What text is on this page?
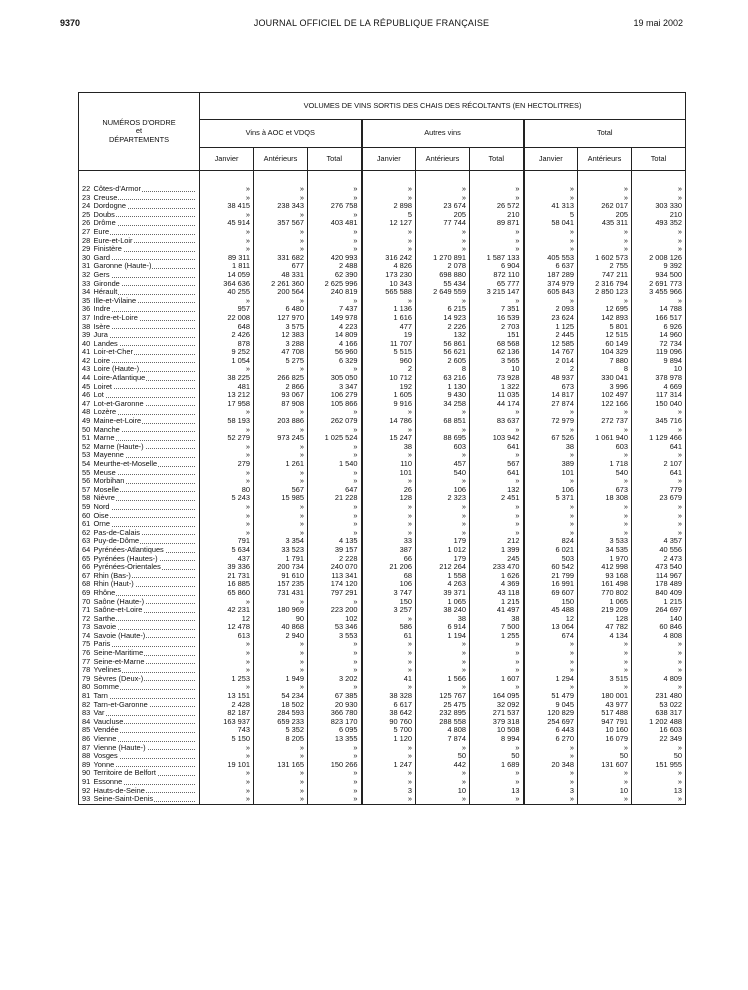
9370	JOURNAL OFFICIEL DE LA RÉPUBLIQUE FRANÇAISE	19 mai 2002
NUMÉROS D'ORDRE
et
DÉPARTEMENTS		VOLUMES DE VINS SORTIS DES CHAIS DES RÉCOLTANTS (EN HECTOLITRES)								
		Vins à AOC et VDQS			Autres vins			Total		
		Janvier	Antérieurs	Total	Janvier	Antérieurs	Total	Janvier	Antérieurs	Total
22	Côtes-d'Armor	»	»	»	»	»	»	»	»	»
23	Creuse	»	»	»	»	»	»	»	»	»
24	Dordogne	38 415	238 343	276 758	2 898	23 674	26 572	41 313	262 017	303 330
25	Doubs	»	»	»	5	205	210	5	205	210
26	Drôme	45 914	357 567	403 481	12 127	77 744	89 871	58 041	435 311	493 352
27	Eure	»	»	»	»	»	»	»	»	»
28	Eure-et-Loir	»	»	»	»	»	»	»	»	»
29	Finistère	»	»	»	»	»	»	»	»	»
30	Gard	89 311	331 682	420 993	316 242	1 270 891	1 587 133	405 553	1 602 573	2 008 126
31	Garonne (Haute-)	1 811	677	2 488	4 826	2 078	6 904	6 637	2 755	9 392
32	Gers	14 059	48 331	62 390	173 230	698 880	872 110	187 289	747 211	934 500
33	Gironde	364 636	2 261 360	2 625 996	10 343	55 434	65 777	374 979	2 316 794	2 691 773
34	Hérault	40 255	200 564	240 819	565 588	2 649 559	3 215 147	605 843	2 850 123	3 455 966
35	Ille-et-Vilaine	»	»	»	»	»	»	»	»	»
36	Indre	957	6 480	7 437	1 136	6 215	7 351	2 093	12 695	14 788
37	Indre-et-Loire	22 008	127 970	149 978	1 616	14 923	16 539	23 624	142 893	166 517
38	Isère	648	3 575	4 223	477	2 226	2 703	1 125	5 801	6 926
39	Jura	2 426	12 383	14 809	19	132	151	2 445	12 515	14 960
40	Landes	878	3 288	4 166	11 707	56 861	68 568	12 585	60 149	72 734
41	Loir-et-Cher	9 252	47 708	56 960	5 515	56 621	62 136	14 767	104 329	119 096
42	Loire	1 054	5 275	6 329	960	2 605	3 565	2 014	7 880	9 894
43	Loire (Haute-)	»	»	»	2	8	10	2	8	10
44	Loire-Atlantique	38 225	266 825	305 050	10 712	63 216	73 928	48 937	330 041	378 978
45	Loiret	481	2 866	3 347	192	1 130	1 322	673	3 996	4 669
46	Lot	13 212	93 067	106 279	1 605	9 430	11 035	14 817	102 497	117 314
47	Lot-et-Garonne	17 958	87 908	105 866	9 916	34 258	44 174	27 874	122 166	150 040
48	Lozère	»	»	»	»	»	»	»	»	»
49	Maine-et-Loire	58 193	203 886	262 079	14 786	68 851	83 637	72 979	272 737	345 716
50	Manche	»	»	»	»	»	»	»	»	»
51	Marne	52 279	973 245	1 025 524	15 247	88 695	103 942	67 526	1 061 940	1 129 466
52	Marne (Haute-)	»	»	»	38	603	641	38	603	641
53	Mayenne	»	»	»	»	»	»	»	»	»
54	Meurthe-et-Moselle	279	1 261	1 540	110	457	567	389	1 718	2 107
55	Meuse	»	»	»	101	540	641	101	540	641
56	Morbihan	»	»	»	»	»	»	»	»	»
57	Moselle	80	567	647	26	106	132	106	673	779
58	Nièvre	5 243	15 985	21 228	128	2 323	2 451	5 371	18 308	23 679
59	Nord	»	»	»	»	»	»	»	»	»
60	Oise	»	»	»	»	»	»	»	»	»
61	Orne	»	»	»	»	»	»	»	»	»
62	Pas-de-Calais	»	»	»	»	»	»	»	»	»
63	Puy-de-Dôme	791	3 354	4 135	33	179	212	824	3 533	4 357
64	Pyrénées-Atlantiques	5 634	33 523	39 157	387	1 012	1 399	6 021	34 535	40 556
65	Pyrénées (Hautes-)	437	1 791	2 228	66	179	245	503	1 970	2 473
66	Pyrénées-Orientales	39 336	200 734	240 070	21 206	212 264	233 470	60 542	412 998	473 540
67	Rhin (Bas-)	21 731	91 610	113 341	68	1 558	1 626	21 799	93 168	114 967
68	Rhin (Haut-)	16 885	157 235	174 120	106	4 263	4 369	16 991	161 498	178 489
69	Rhône	65 860	731 431	797 291	3 747	39 371	43 118	69 607	770 802	840 409
70	Saône (Haute-)	»	»	»	150	1 065	1 215	150	1 065	1 215
71	Saône-et-Loire	42 231	180 969	223 200	3 257	38 240	41 497	45 488	219 209	264 697
72	Sarthe	12	90	102	»	38	38	12	128	140
73	Savoie	12 478	40 868	53 346	586	6 914	7 500	13 064	47 782	60 846
74	Savoie (Haute-)	613	2 940	3 553	61	1 194	1 255	674	4 134	4 808
75	Paris	»	»	»	»	»	»	»	»	»
76	Seine-Maritime	»	»	»	»	»	»	»	»	»
77	Seine-et-Marne	»	»	»	»	»	»	»	»	»
78	Yvelines	»	»	»	»	»	»	»	»	»
79	Sèvres (Deux-)	1 253	1 949	3 202	41	1 566	1 607	1 294	3 515	4 809
80	Somme	»	»	»	»	»	»	»	»	»
81	Tarn	13 151	54 234	67 385	38 328	125 767	164 095	51 479	180 001	231 480
82	Tarn-et-Garonne	2 428	18 502	20 930	6 617	25 475	32 092	9 045	43 977	53 022
83	Var	82 187	284 593	366 780	38 642	232 895	271 537	120 829	517 488	638 317
84	Vaucluse	163 937	659 233	823 170	90 760	288 558	379 318	254 697	947 791	1 202 488
85	Vendée	743	5 352	6 095	5 700	4 808	10 508	6 443	10 160	16 603
86	Vienne	5 150	8 205	13 355	1 120	7 874	8 994	6 270	16 079	22 349
87	Vienne (Haute-)	»	»	»	»	»	»	»	»	»
88	Vosges	»	»	»	»	50	50	»	50	50
89	Yonne	19 101	131 165	150 266	1 247	442	1 689	20 348	131 607	151 955
90	Territoire de Belfort	»	»	»	»	»	»	»	»	»
91	Essonne	»	»	»	»	»	»	»	»	»
92	Hauts-de-Seine	»	»	»	3	10	13	3	10	13
93	Seine-Saint-Denis	»	»	»	»	»	»	»	»	»
